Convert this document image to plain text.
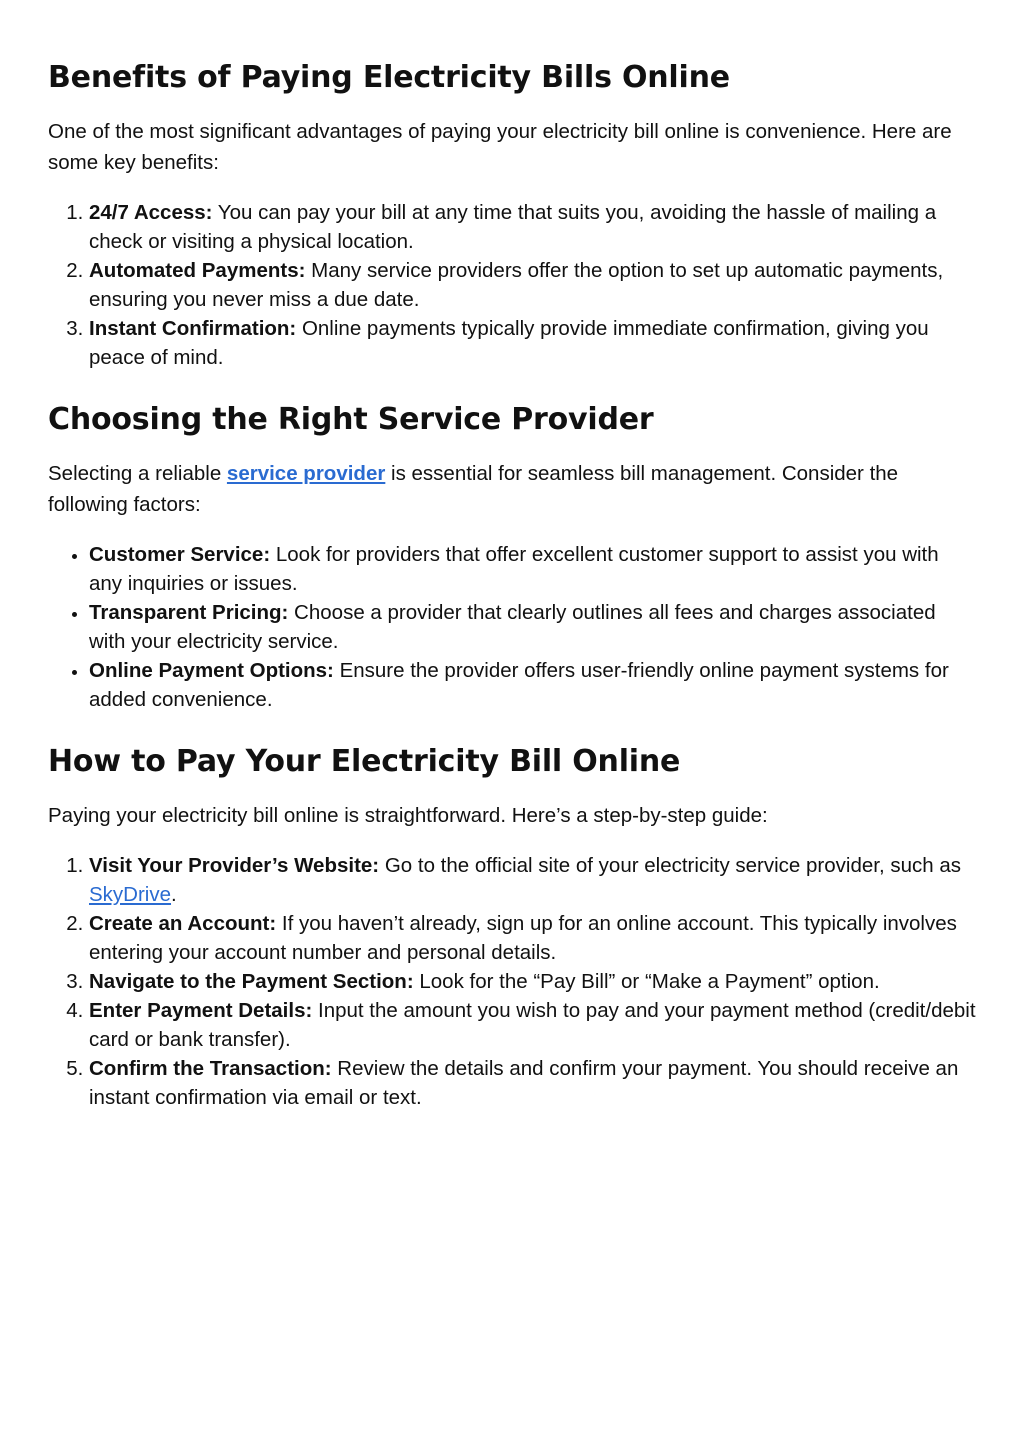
Benefits of Paying Electricity Bills Online

One of the most significant advantages of paying your electricity bill online is convenience. Here are some key benefits:

1. 24/7 Access: You can pay your bill at any time that suits you, avoiding the hassle of mailing a check or visiting a physical location.
2. Automated Payments: Many service providers offer the option to set up automatic payments, ensuring you never miss a due date.
3. Instant Confirmation: Online payments typically provide immediate confirmation, giving you peace of mind.
Choosing the Right Service Provider

Selecting a reliable service provider is essential for seamless bill management. Consider the following factors:

• Customer Service: Look for providers that offer excellent customer support to assist you with any inquiries or issues.
• Transparent Pricing: Choose a provider that clearly outlines all fees and charges associated with your electricity service.
• Online Payment Options: Ensure the provider offers user-friendly online payment systems for added convenience.
How to Pay Your Electricity Bill Online

Paying your electricity bill online is straightforward. Here’s a step-by-step guide:

1. Visit Your Provider’s Website: Go to the official site of your electricity service provider, such as SkyDrive.
2. Create an Account: If you haven’t already, sign up for an online account. This typically involves entering your account number and personal details.
3. Navigate to the Payment Section: Look for the “Pay Bill” or “Make a Payment” option.
4. Enter Payment Details: Input the amount you wish to pay and your payment method (credit/debit card or bank transfer).
5. Confirm the Transaction: Review the details and confirm your payment. You should receive an instant confirmation via email or text.
